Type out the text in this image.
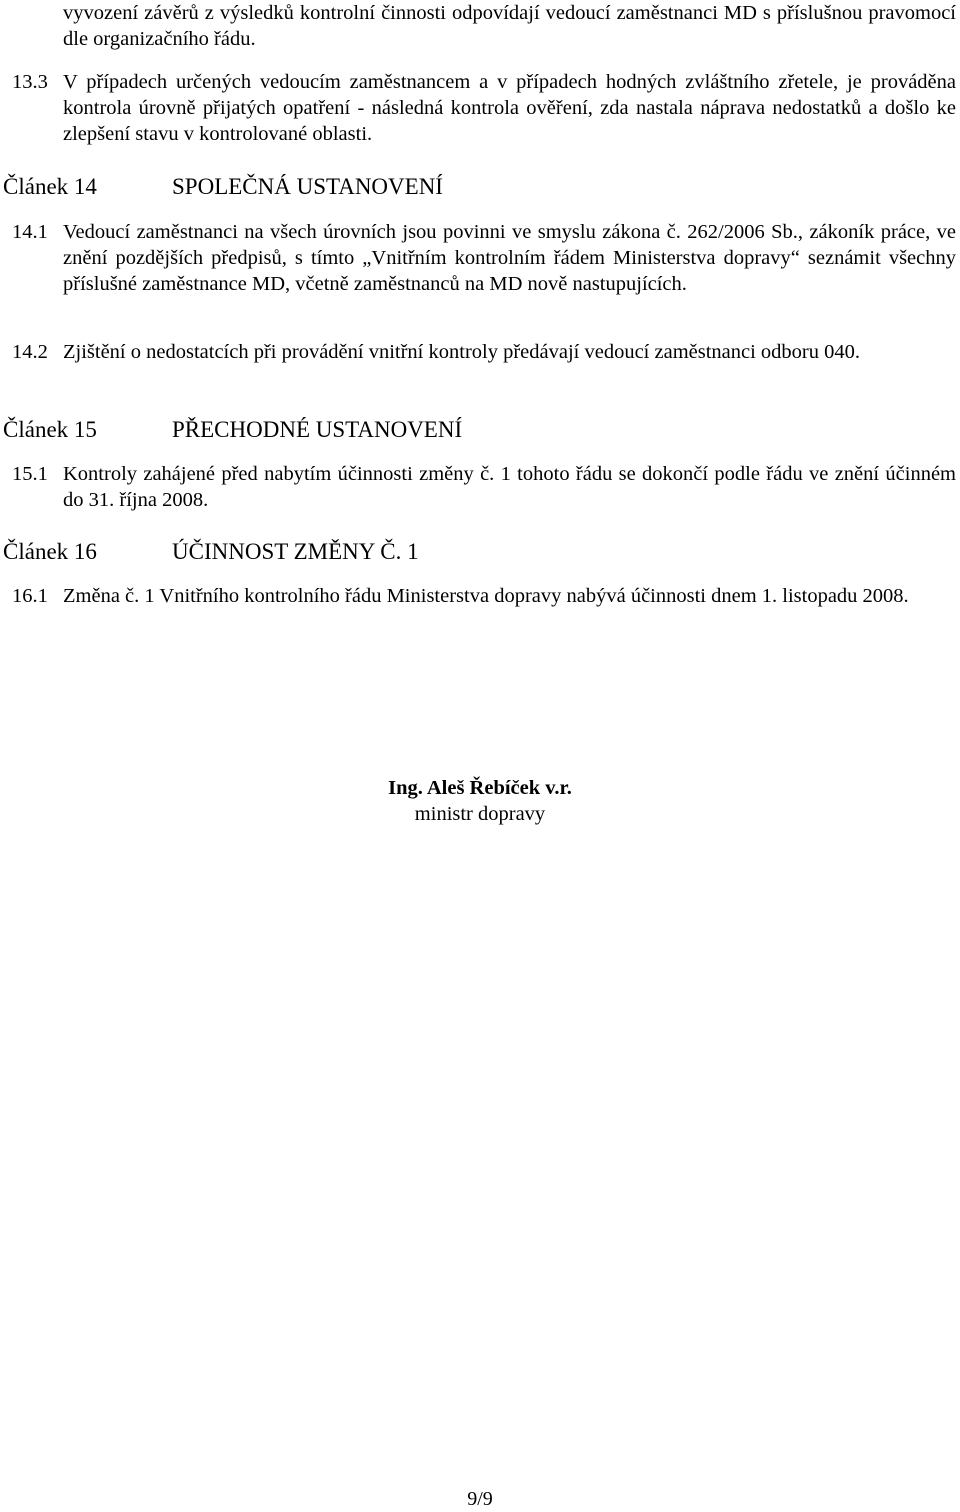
vyvození závěrů z výsledků kontrolní činnosti odpovídají vedoucí zaměstnanci MD s příslušnou pravomocí dle organizačního řádu.
13.3 V případech určených vedoucím zaměstnancem a v případech hodných zvláštního zřetele, je prováděna kontrola úrovně přijatých opatření - následná kontrola ověření, zda nastala náprava nedostatků a došlo ke zlepšení stavu v kontrolované oblasti.
Článek 14	SPOLEČNÁ USTANOVENÍ
14.1 Vedoucí zaměstnanci na všech úrovních jsou povinni ve smyslu zákona č. 262/2006 Sb., zákoník práce, ve znění pozdějších předpisů, s tímto „Vnitřním kontrolním řádem Ministerstva dopravy“ seznámit všechny příslušné zaměstnance MD, včetně zaměstnanců na MD nově nastupujících.
14.2 Zjištění o nedostatcích při provádění vnitřní kontroly předávají vedoucí zaměstnanci odboru 040.
Článek 15	PŘECHODNÉ USTANOVENÍ
15.1 Kontroly zahájené před nabytím účinnosti změny č. 1 tohoto řádu se dokončí podle řádu ve znění účinném do 31. října 2008.
Článek 16	ÚČINNOST ZMĚNY Č. 1
16.1 Změna č. 1 Vnitřního kontrolního řádu Ministerstva dopravy nabývá účinnosti dnem 1. listopadu 2008.
Ing. Aleš Řebíček v.r.
ministr dopravy
9/9
